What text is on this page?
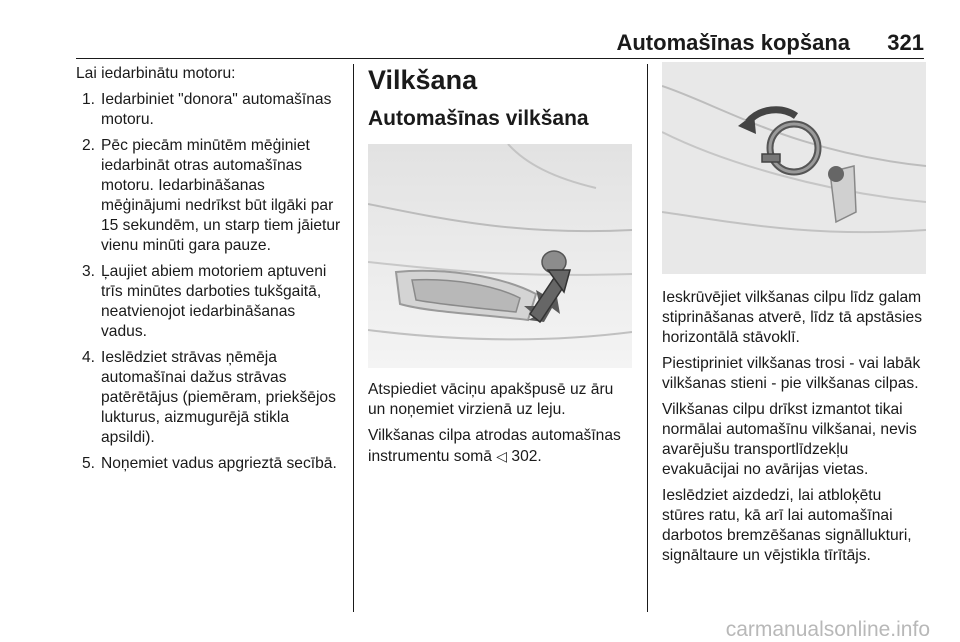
Automašīnas kopšana 321

Lai iedarbinātu motoru:

1. Iedarbiniet "donora" automašīnas motoru.
2. Pēc piecām minūtēm mēģiniet iedarbināt otras automašīnas motoru. Iedarbināšanas mēģinājumi nedrīkst būt ilgāki par 15 sekundēm, un starp tiem jāietur vienu minūti gara pauze.
3. Ļaujiet abiem motoriem aptuveni trīs minūtes darboties tukšgaitā, neatvienojot iedarbināšanas vadus.
4. Ieslēdziet strāvas ņēmēja automašīnai dažus strāvas patērētājus (piemēram, priekšējos lukturus, aizmugurējā stikla apsildi).
5. Noņemiet vadus apgrieztā secībā.
Vilkšana
Automašīnas vilkšana

Atspiediet vāciņu apakšpusē uz āru un noņemiet virzienā uz leju.

Vilkšanas cilpa atrodas automašīnas instrumentu somā ◁ 302.

Ieskrūvējiet vilkšanas cilpu līdz galam stiprināšanas atverē, līdz tā apstāsies horizontālā stāvoklī.

Piestipriniet vilkšanas trosi - vai labāk vilkšanas stieni - pie vilkšanas cilpas.

Vilkšanas cilpu drīkst izmantot tikai normālai automašīnu vilkšanai, nevis avarējušu transportlīdzekļu evakuācijai no avārijas vietas.

Ieslēdziet aizdedzi, lai atbloķētu stūres ratu, kā arī lai automašīnai darbotos bremzēšanas signāllukturi, signāltaure un vējstikla tīrītājs.

carmanualsonline.info
